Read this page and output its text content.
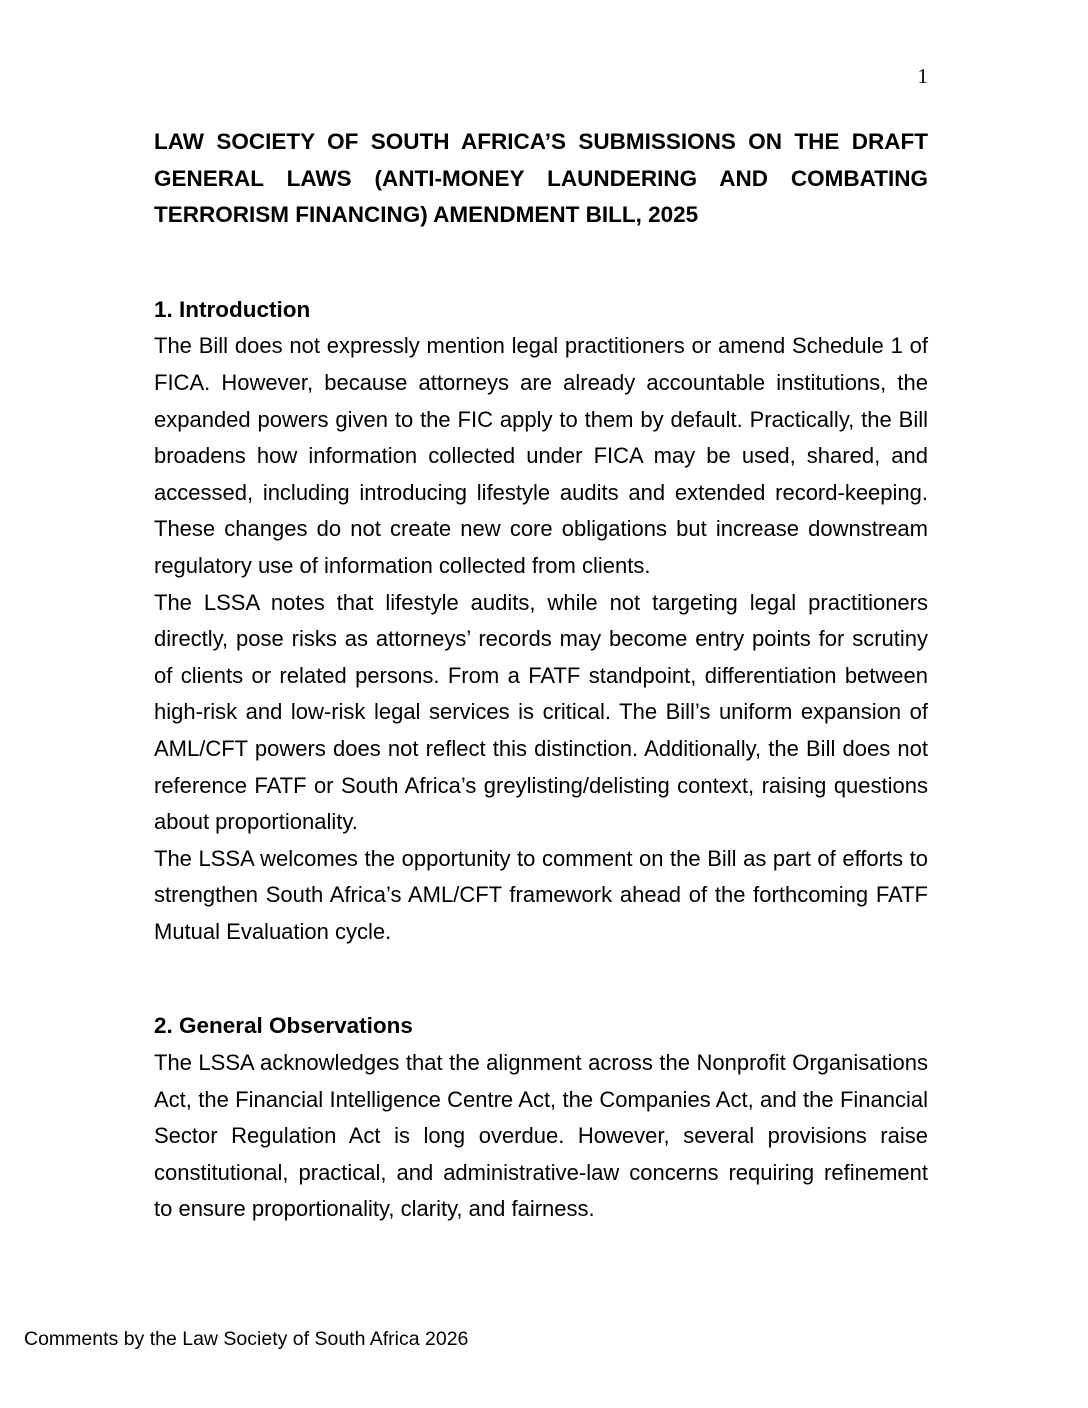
1

LAW SOCIETY OF SOUTH AFRICA’S SUBMISSIONS ON THE DRAFT GENERAL LAWS (ANTI-MONEY LAUNDERING AND COMBATING TERRORISM FINANCING) AMENDMENT BILL, 2025

1. Introduction

The Bill does not expressly mention legal practitioners or amend Schedule 1 of FICA. However, because attorneys are already accountable institutions, the expanded powers given to the FIC apply to them by default. Practically, the Bill broadens how information collected under FICA may be used, shared, and accessed, including introducing lifestyle audits and extended record-keeping. These changes do not create new core obligations but increase downstream regulatory use of information collected from clients.

The LSSA notes that lifestyle audits, while not targeting legal practitioners directly, pose risks as attorneys’ records may become entry points for scrutiny of clients or related persons. From a FATF standpoint, differentiation between high-risk and low-risk legal services is critical. The Bill’s uniform expansion of AML/CFT powers does not reflect this distinction. Additionally, the Bill does not reference FATF or South Africa’s greylisting/delisting context, raising questions about proportionality.

The LSSA welcomes the opportunity to comment on the Bill as part of efforts to strengthen South Africa’s AML/CFT framework ahead of the forthcoming FATF Mutual Evaluation cycle.

2. General Observations

The LSSA acknowledges that the alignment across the Nonprofit Organisations Act, the Financial Intelligence Centre Act, the Companies Act, and the Financial Sector Regulation Act is long overdue. However, several provisions raise constitutional, practical, and administrative-law concerns requiring refinement to ensure proportionality, clarity, and fairness.

Comments by the Law Society of South Africa 2026
